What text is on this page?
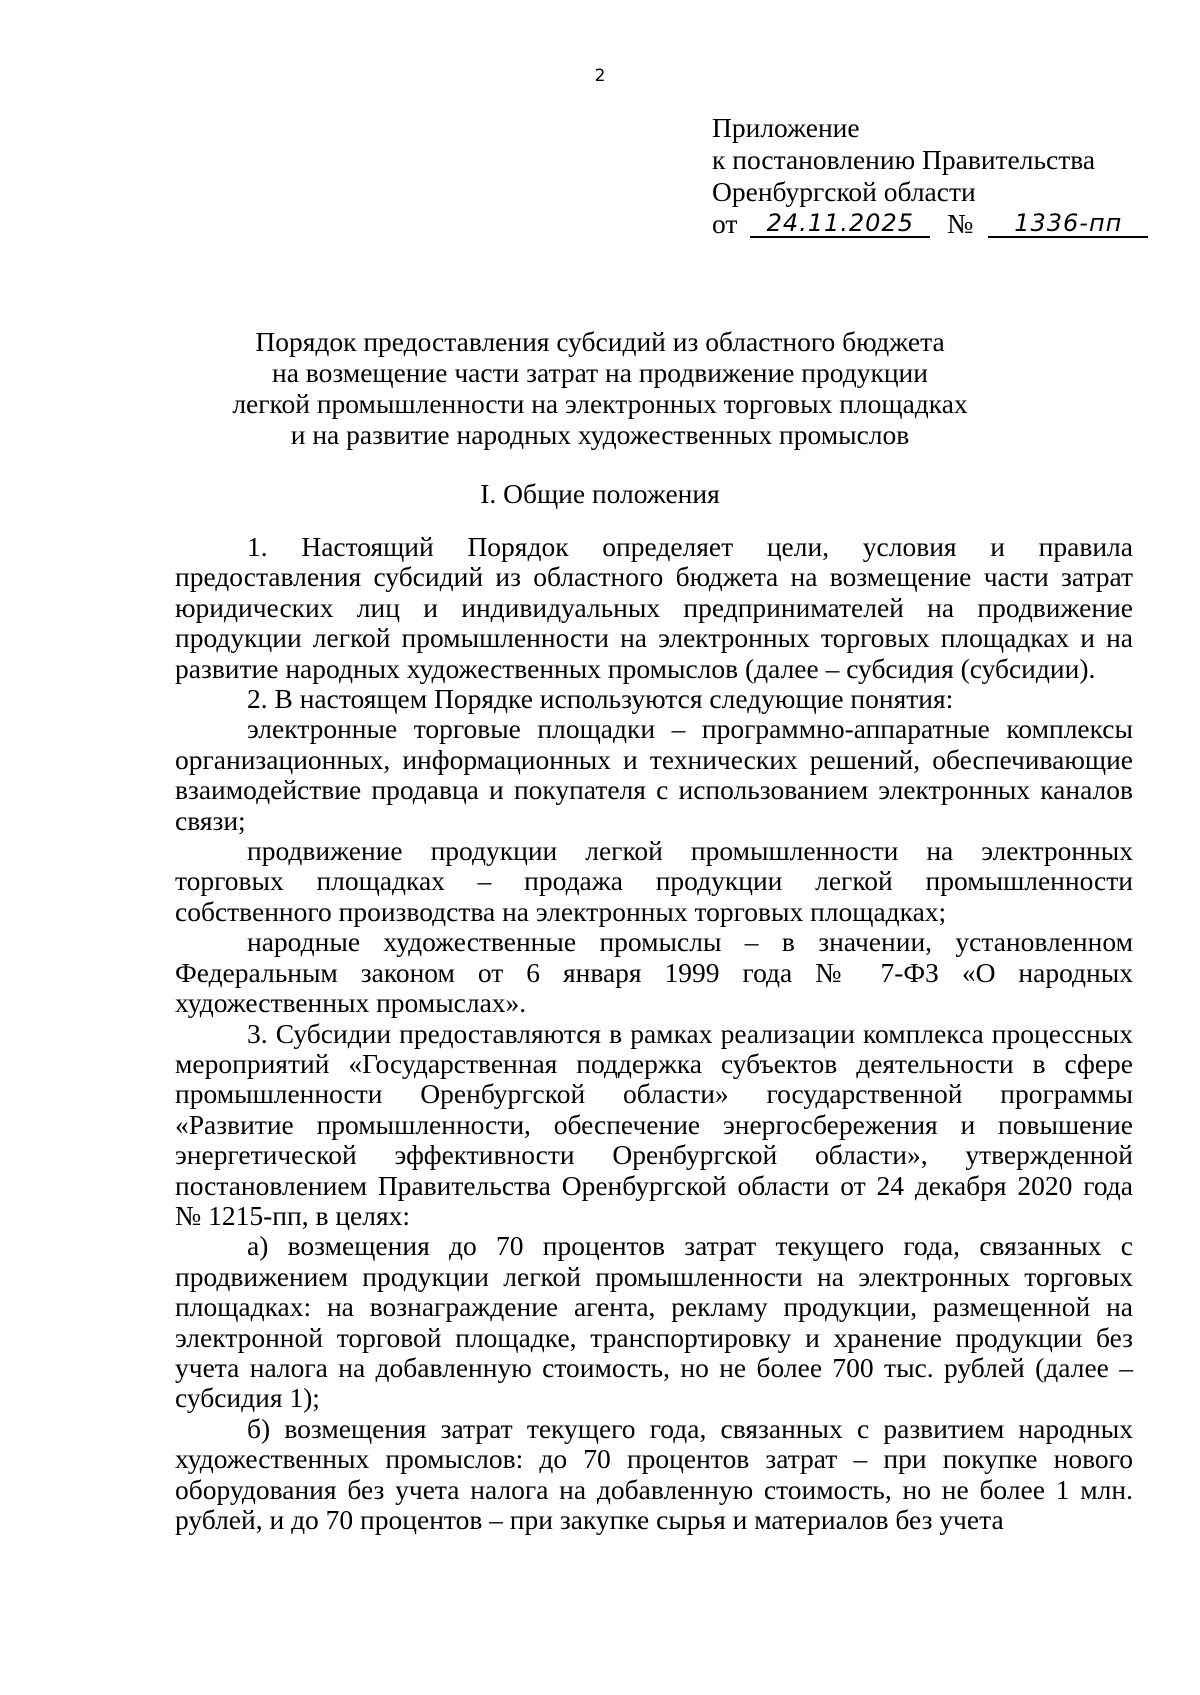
2
Приложение
к постановлению Правительства
Оренбургской области
от 24.11.2025 № 1336-пп
Порядок предоставления субсидий из областного бюджета
на возмещение части затрат на продвижение продукции
легкой промышленности на электронных торговых площадках
и на развитие народных художественных промыслов
I. Общие положения

1. Настоящий Порядок определяет цели, условия и правила предоставления субсидий из областного бюджета на возмещение части затрат юридических лиц и индивидуальных предпринимателей на продвижение продукции легкой промышленности на электронных торговых площадках и на развитие народных художественных промыслов (далее – субсидия (субсидии).

2. В настоящем Порядке используются следующие понятия:

электронные торговые площадки – программно-аппаратные комплексы организационных, информационных и технических решений, обеспечивающие взаимодействие продавца и покупателя с использованием электронных каналов связи;

продвижение продукции легкой промышленности на электронных торговых площадках – продажа продукции легкой промышленности собственного производства на электронных торговых площадках;

народные художественные промыслы – в значении, установленном Федеральным законом от 6 января 1999 года № 7-ФЗ «О народных художественных промыслах».

3. Субсидии предоставляются в рамках реализации комплекса процессных мероприятий «Государственная поддержка субъектов деятельности в сфере промышленности Оренбургской области» государственной программы «Развитие промышленности, обеспечение энергосбережения и повышение энергетической эффективности Оренбургской области», утвержденной постановлением Правительства Оренбургской области от 24 декабря 2020 года № 1215-пп, в целях:

а) возмещения до 70 процентов затрат текущего года, связанных с продвижением продукции легкой промышленности на электронных торговых площадках: на вознаграждение агента, рекламу продукции, размещенной на электронной торговой площадке, транспортировку и хранение продукции без учета налога на добавленную стоимость, но не более 700 тыс. рублей (далее – субсидия 1);

б) возмещения затрат текущего года, связанных с развитием народных художественных промыслов: до 70 процентов затрат – при покупке нового оборудования без учета налога на добавленную стоимость, но не более 1 млн. рублей, и до 70 процентов – при закупке сырья и материалов без учета
